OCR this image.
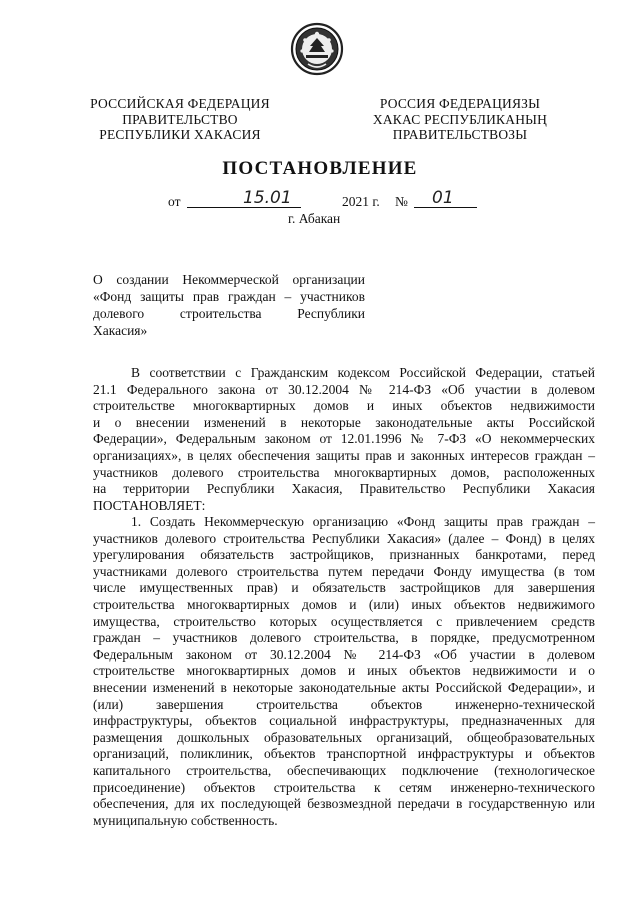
РОССИЙСКАЯ ФЕДЕРАЦИЯ
ПРАВИТЕЛЬСТВО
РЕСПУБЛИКИ ХАКАСИЯ
РОССИЯ ФЕДЕРАЦИЯЗЫ
ХАКАС РЕСПУБЛИКАНЫҢ
ПРАВИТЕЛЬСТВОЗЫ
ПОСТАНОВЛЕНИЕ
от	15.01	2021 г. № 01
г. Абакан

О создании Некоммерческой организации

«Фонд защиты прав граждан – участников

долевого строительства Республики

Хакасия»

В соответствии с Гражданским кодексом Российской Федерации, статьей

21.1 Федерального закона от 30.12.2004 № 214-ФЗ «Об участии в долевом

строительстве многоквартирных домов и иных объектов недвижимости

и о внесении изменений в некоторые законодательные акты Российской

Федерации», Федеральным законом от 12.01.1996 № 7-ФЗ «О некоммерческих

организациях», в целях обеспечения защиты прав и законных интересов граждан –

участников долевого строительства многоквартирных домов, расположенных

на территории Республики Хакасия, Правительство Республики Хакасия

ПОСТАНОВЛЯЕТ:

1. Создать Некоммерческую организацию «Фонд защиты прав граждан –

участников долевого строительства Республики Хакасия» (далее – Фонд) в целях

урегулирования обязательств застройщиков, признанных банкротами, перед

участниками долевого строительства путем передачи Фонду имущества (в том

числе имущественных прав) и обязательств застройщиков для завершения

строительства многоквартирных домов и (или) иных объектов недвижимого

имущества, строительство которых осуществляется с привлечением средств

граждан – участников долевого строительства, в порядке, предусмотренном

Федеральным законом от 30.12.2004 № 214-ФЗ «Об участии в долевом

строительстве многоквартирных домов и иных объектов недвижимости и о

внесении изменений в некоторые законодательные акты Российской Федерации», и

(или) завершения строительства объектов инженерно-технической

инфраструктуры, объектов социальной инфраструктуры, предназначенных для

размещения дошкольных образовательных организаций, общеобразовательных

организаций, поликлиник, объектов транспортной инфраструктуры и объектов

капитального строительства, обеспечивающих подключение (технологическое

присоединение) объектов строительства к сетям инженерно-технического

обеспечения, для их последующей безвозмездной передачи в государственную или

муниципальную собственность.
